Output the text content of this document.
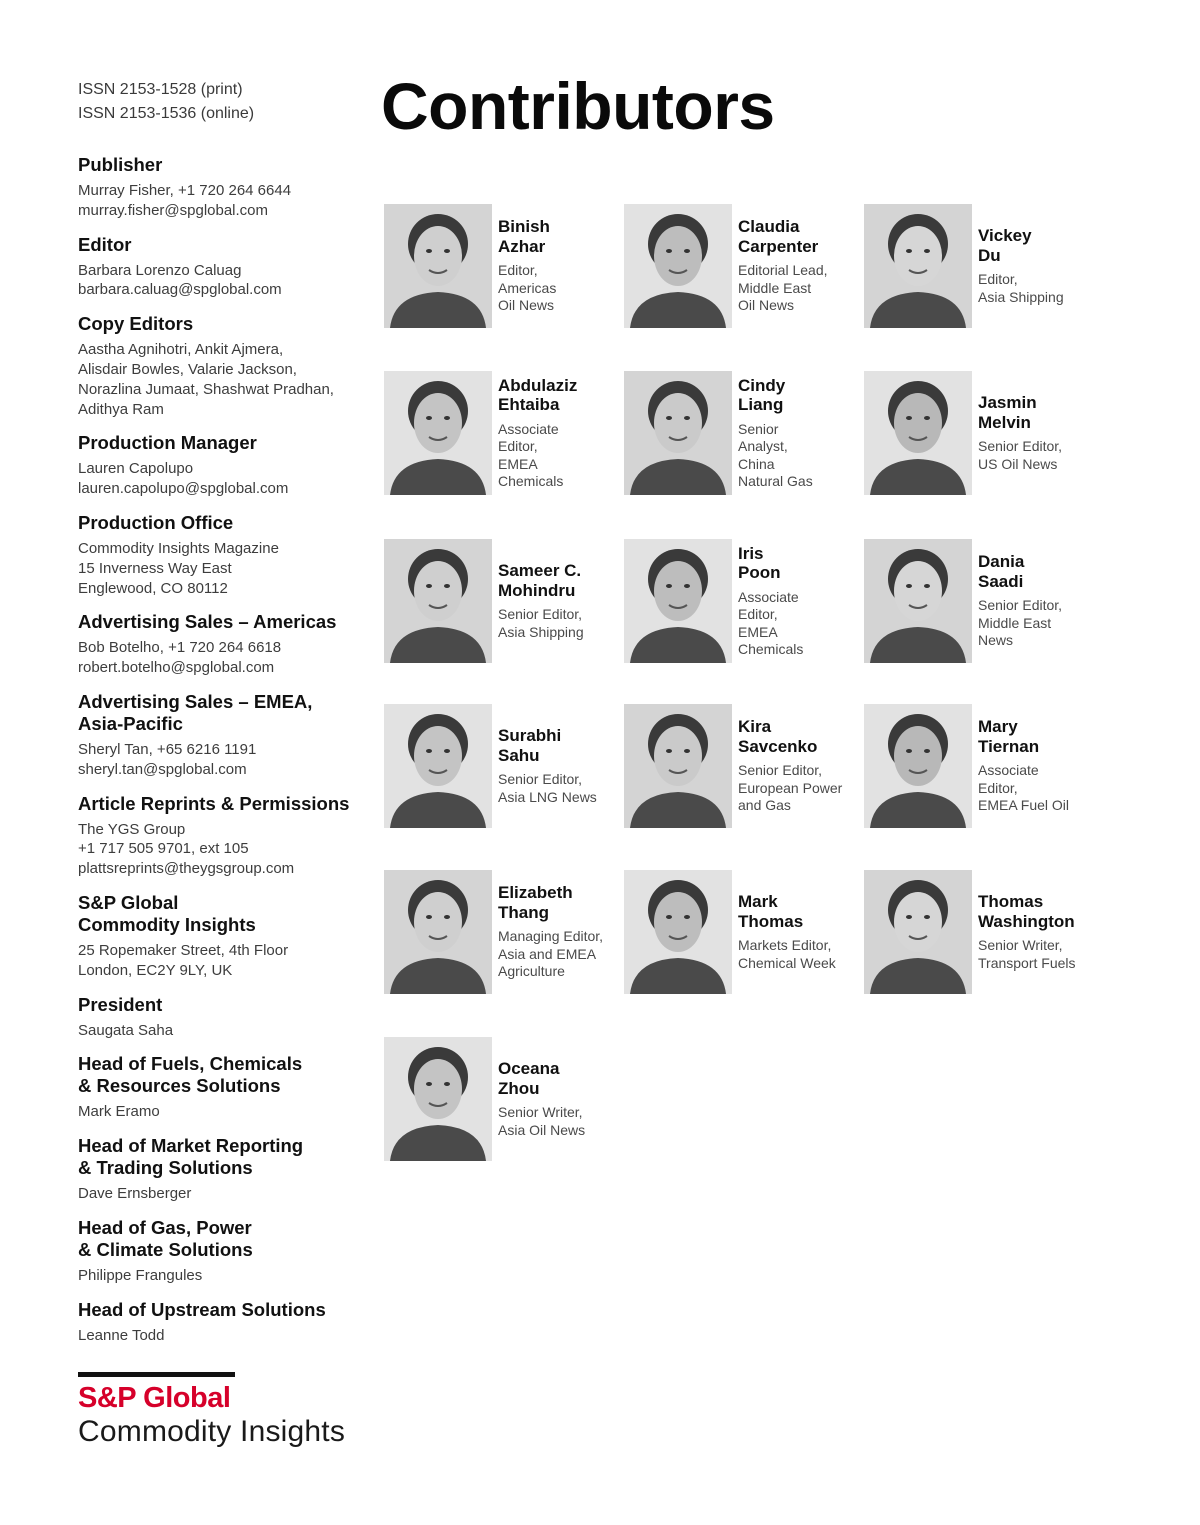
ISSN 2153-1528 (print)
ISSN 2153-1536 (online)
Publisher
Murray Fisher, +1 720 264 6644
murray.fisher@spglobal.com
Editor
Barbara Lorenzo Caluag
barbara.caluag@spglobal.com
Copy Editors
Aastha Agnihotri, Ankit Ajmera,
Alisdair Bowles, Valarie Jackson,
Norazlina Jumaat, Shashwat Pradhan,
Adithya Ram
Production Manager
Lauren Capolupo
lauren.capolupo@spglobal.com
Production Office
Commodity Insights Magazine
15 Inverness Way East
Englewood, CO 80112
Advertising Sales – Americas
Bob Botelho, +1 720 264 6618
robert.botelho@spglobal.com
Advertising Sales – EMEA,
Asia-Pacific
Sheryl Tan, +65 6216 1191
sheryl.tan@spglobal.com
Article Reprints & Permissions
The YGS Group
+1 717 505 9701, ext 105
plattsreprints@theygsgroup.com
S&P Global
Commodity Insights
25 Ropemaker Street, 4th Floor
London, EC2Y 9LY, UK
President
Saugata Saha
Head of Fuels, Chemicals
& Resources Solutions
Mark Eramo
Head of Market Reporting
& Trading Solutions
Dave Ernsberger
Head of Gas, Power
& Climate Solutions
Philippe Frangules
Head of Upstream Solutions
Leanne Todd
S&P Global
Commodity Insights
Contributors
Binish
Azhar
Editor,
Americas
Oil News
Claudia
Carpenter
Editorial Lead,
Middle East
Oil News
Vickey
Du
Editor,
Asia Shipping
Abdulaziz
Ehtaiba
Associate
Editor,
EMEA
Chemicals
Cindy
Liang
Senior
Analyst,
China
Natural Gas
Jasmin
Melvin
Senior Editor,
US Oil News
Sameer C.
Mohindru
Senior Editor,
Asia Shipping
Iris
Poon
Associate
Editor,
EMEA
Chemicals
Dania
Saadi
Senior Editor,
Middle East
News
Surabhi
Sahu
Senior Editor,
Asia LNG News
Kira
Savcenko
Senior Editor,
European Power
and Gas
Mary
Tiernan
Associate
Editor,
EMEA Fuel Oil
Elizabeth
Thang
Managing Editor,
Asia and EMEA
Agriculture
Mark
Thomas
Markets Editor,
Chemical Week
Thomas
Washington
Senior Writer,
Transport Fuels
Oceana
Zhou
Senior Writer,
Asia Oil News
